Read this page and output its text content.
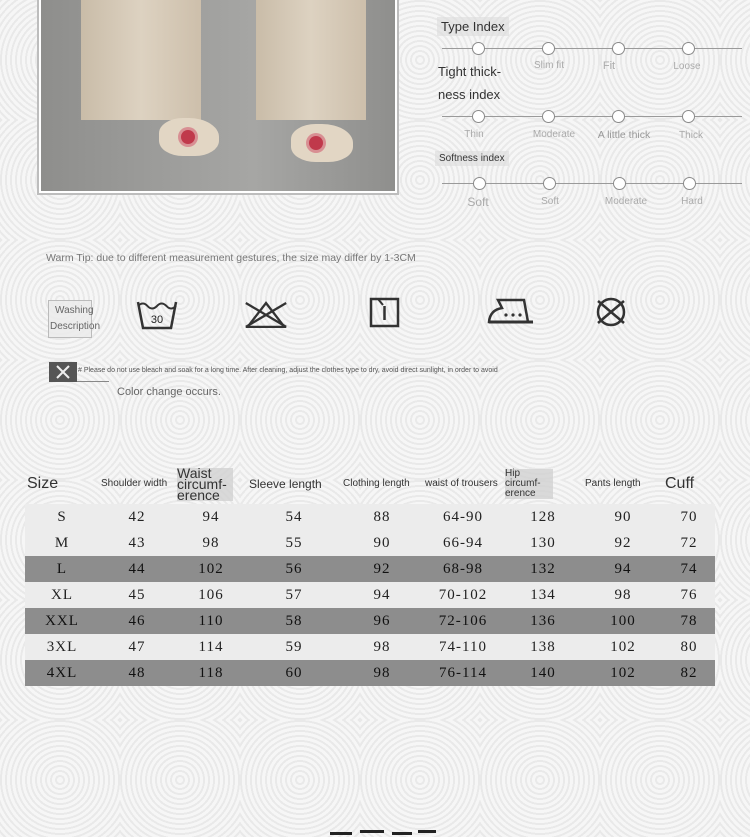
Type Index
Slim fit	Fit	Loose
Tight thick-
ness index
Thin	Moderate	A little thick	Thick
Softness index
Soft	Soft	Moderate	Hard
Warm Tip: due to different measurement gestures, the size may differ by 1-3CM
Washing
Description
30
# Please do not use bleach and soak for a long time. After cleaning, adjust the clothes type to dry, avoid direct sunlight, in order to avoid
Color change occurs.
Size	Shoulder width	Waist circumf- erence	Sleeve length	Clothing length	waist of trousers	Hip circumf- erence	Pants length	Cuff
S	42	94	54	88	64-90	128	90	70
M	43	98	55	90	66-94	130	92	72
L	44	102	56	92	68-98	132	94	74
XL	45	106	57	94	70-102	134	98	76
XXL	46	110	58	96	72-106	136	100	78
3XL	47	114	59	98	74-110	138	102	80
4XL	48	118	60	98	76-114	140	102	82
